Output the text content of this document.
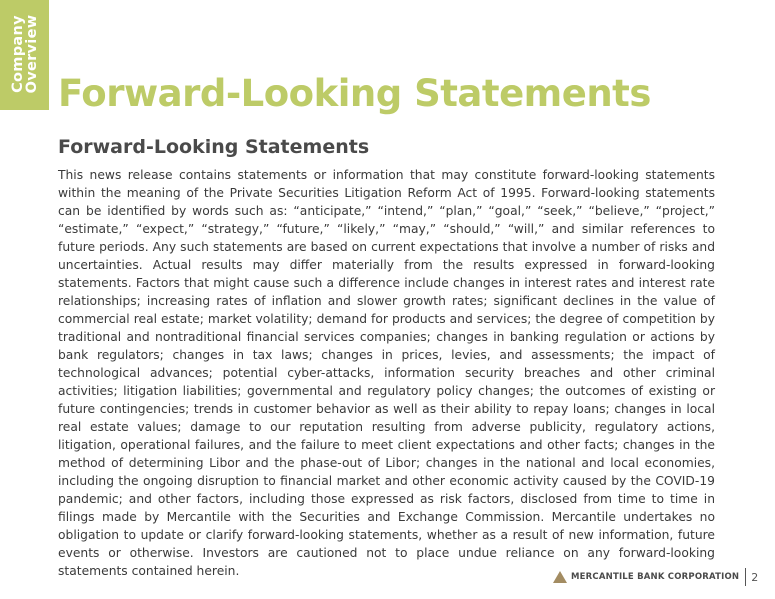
Company
Overview
Forward-Looking Statements
Forward-Looking Statements

This news release contains statements or information that may constitute forward-looking statements within the meaning of the Private Securities Litigation Reform Act of 1995. Forward-looking statements can be identified by words such as: “anticipate,” “intend,” “plan,” “goal,” “seek,” “believe,” “project,” “estimate,” “expect,” “strategy,” “future,” “likely,” “may,” “should,” “will,” and similar references to future periods. Any such statements are based on current expectations that involve a number of risks and uncertainties. Actual results may differ materially from the results expressed in forward-looking statements. Factors that might cause such a difference include changes in interest rates and interest rate relationships; increasing rates of inflation and slower growth rates; significant declines in the value of commercial real estate; market volatility; demand for products and services; the degree of competition by traditional and nontraditional financial services companies; changes in banking regulation or actions by bank regulators; changes in tax laws; changes in prices, levies, and assessments; the impact of technological advances; potential cyber-attacks, information security breaches and other criminal activities; litigation liabilities; governmental and regulatory policy changes; the outcomes of existing or future contingencies; trends in customer behavior as well as their ability to repay loans; changes in local real estate values; damage to our reputation resulting from adverse publicity, regulatory actions, litigation, operational failures, and the failure to meet client expectations and other facts; changes in the method of determining Libor and the phase-out of Libor; changes in the national and local economies, including the ongoing disruption to financial market and other economic activity caused by the COVID-19 pandemic; and other factors, including those expressed as risk factors, disclosed from time to time in filings made by Mercantile with the Securities and Exchange Commission. Mercantile undertakes no obligation to update or clarify forward-looking statements, whether as a result of new information, future events or otherwise. Investors are cautioned not to place undue reliance on any forward-looking statements contained herein.	MERCANTILE BANK CORPORATION 2
